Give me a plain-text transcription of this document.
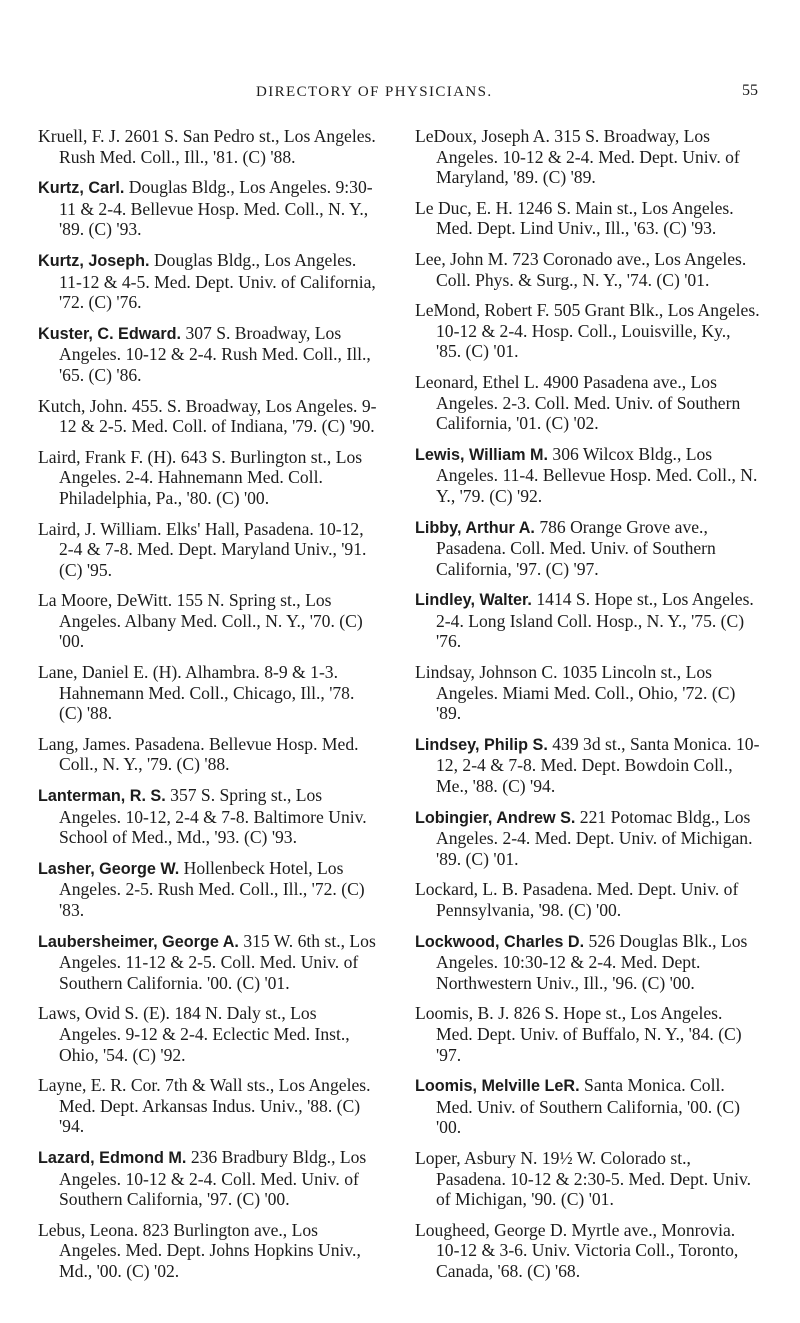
DIRECTORY OF PHYSICIANS.	55

Kruell, F. J. 2601 S. San Pedro st., Los Angeles. Rush Med. Coll., Ill., '81. (C) '88.

Kurtz, Carl. Douglas Bldg., Los Angeles. 9:30-11 & 2-4. Bellevue Hosp. Med. Coll., N. Y., '89. (C) '93.

Kurtz, Joseph. Douglas Bldg., Los Angeles. 11-12 & 4-5. Med. Dept. Univ. of California, '72. (C) '76.

Kuster, C. Edward. 307 S. Broadway, Los Angeles. 10-12 & 2-4. Rush Med. Coll., Ill., '65. (C) '86.

Kutch, John. 455. S. Broadway, Los Angeles. 9-12 & 2-5. Med. Coll. of Indiana, '79. (C) '90.

Laird, Frank F. (H). 643 S. Burlington st., Los Angeles. 2-4. Hahnemann Med. Coll. Philadelphia, Pa., '80. (C) '00.

Laird, J. William. Elks' Hall, Pasadena. 10-12, 2-4 & 7-8. Med. Dept. Maryland Univ., '91. (C) '95.

La Moore, DeWitt. 155 N. Spring st., Los Angeles. Albany Med. Coll., N. Y., '70. (C) '00.

Lane, Daniel E. (H). Alhambra. 8-9 & 1-3. Hahnemann Med. Coll., Chicago, Ill., '78. (C) '88.

Lang, James. Pasadena. Bellevue Hosp. Med. Coll., N. Y., '79. (C) '88.

Lanterman, R. S. 357 S. Spring st., Los Angeles. 10-12, 2-4 & 7-8. Baltimore Univ. School of Med., Md., '93. (C) '93.

Lasher, George W. Hollenbeck Hotel, Los Angeles. 2-5. Rush Med. Coll., Ill., '72. (C) '83.

Laubersheimer, George A. 315 W. 6th st., Los Angeles. 11-12 & 2-5. Coll. Med. Univ. of Southern California. '00. (C) '01.

Laws, Ovid S. (E). 184 N. Daly st., Los Angeles. 9-12 & 2-4. Eclectic Med. Inst., Ohio, '54. (C) '92.

Layne, E. R. Cor. 7th & Wall sts., Los Angeles. Med. Dept. Arkansas Indus. Univ., '88. (C) '94.

Lazard, Edmond M. 236 Bradbury Bldg., Los Angeles. 10-12 & 2-4. Coll. Med. Univ. of Southern California, '97. (C) '00.

Lebus, Leona. 823 Burlington ave., Los Angeles. Med. Dept. Johns Hopkins Univ., Md., '00. (C) '02.

LeDoux, Joseph A. 315 S. Broadway, Los Angeles. 10-12 & 2-4. Med. Dept. Univ. of Maryland, '89. (C) '89.

Le Duc, E. H. 1246 S. Main st., Los Angeles. Med. Dept. Lind Univ., Ill., '63. (C) '93.

Lee, John M. 723 Coronado ave., Los Angeles. Coll. Phys. & Surg., N. Y., '74. (C) '01.

LeMond, Robert F. 505 Grant Blk., Los Angeles. 10-12 & 2-4. Hosp. Coll., Louisville, Ky., '85. (C) '01.

Leonard, Ethel L. 4900 Pasadena ave., Los Angeles. 2-3. Coll. Med. Univ. of Southern California, '01. (C) '02.

Lewis, William M. 306 Wilcox Bldg., Los Angeles. 11-4. Bellevue Hosp. Med. Coll., N. Y., '79. (C) '92.

Libby, Arthur A. 786 Orange Grove ave., Pasadena. Coll. Med. Univ. of Southern California, '97. (C) '97.

Lindley, Walter. 1414 S. Hope st., Los Angeles. 2-4. Long Island Coll. Hosp., N. Y., '75. (C) '76.

Lindsay, Johnson C. 1035 Lincoln st., Los Angeles. Miami Med. Coll., Ohio, '72. (C) '89.

Lindsey, Philip S. 439 3d st., Santa Monica. 10-12, 2-4 & 7-8. Med. Dept. Bowdoin Coll., Me., '88. (C) '94.

Lobingier, Andrew S. 221 Potomac Bldg., Los Angeles. 2-4. Med. Dept. Univ. of Michigan. '89. (C) '01.

Lockard, L. B. Pasadena. Med. Dept. Univ. of Pennsylvania, '98. (C) '00.

Lockwood, Charles D. 526 Douglas Blk., Los Angeles. 10:30-12 & 2-4. Med. Dept. Northwestern Univ., Ill., '96. (C) '00.

Loomis, B. J. 826 S. Hope st., Los Angeles. Med. Dept. Univ. of Buffalo, N. Y., '84. (C) '97.

Loomis, Melville LeR. Santa Monica. Coll. Med. Univ. of Southern California, '00. (C) '00.

Loper, Asbury N. 19½ W. Colorado st., Pasadena. 10-12 & 2:30-5. Med. Dept. Univ. of Michigan, '90. (C) '01.

Lougheed, George D. Myrtle ave., Monrovia. 10-12 & 3-6. Univ. Victoria Coll., Toronto, Canada, '68. (C) '68.
